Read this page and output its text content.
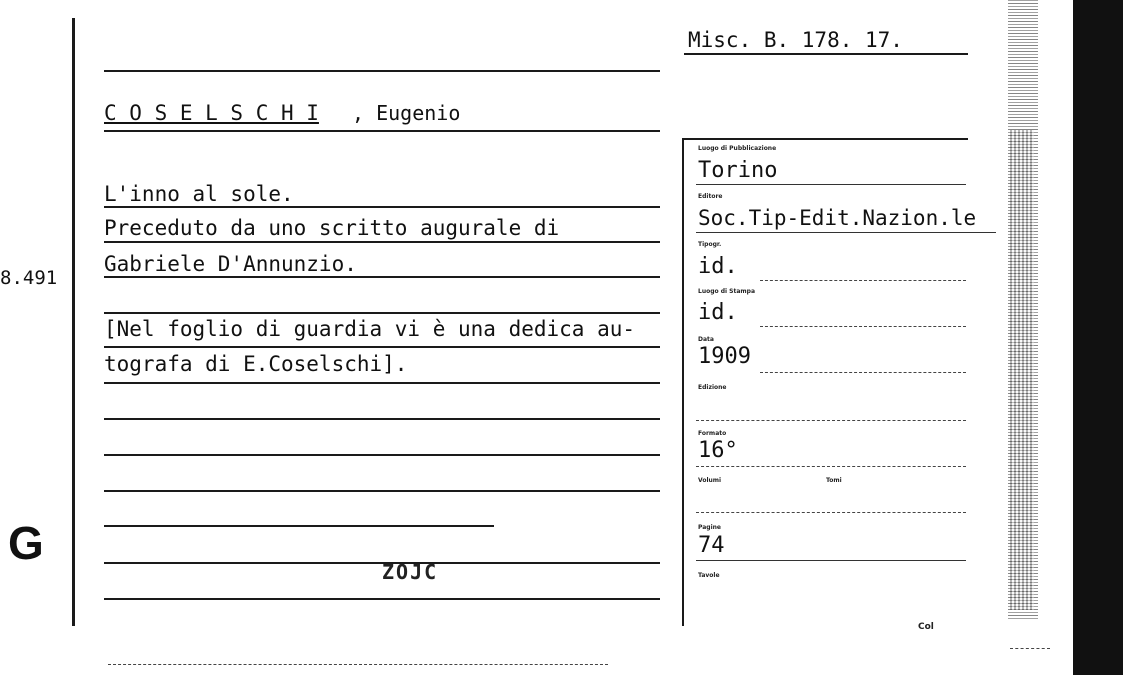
8.491
G
Misc. B. 178. 17.
C O S E L S C H I , Eugenio
L'inno al sole.
Preceduto da uno scritto augurale di
Gabriele D'Annunzio.
[Nel foglio di guardia vi è una dedica au-
tografa di E.Coselschi].
ZOJC
Luogo di Pubblicazione
Torino
Editore
Soc.Tip-Edit.Nazion.le
Tipogr.
id.
Luogo di Stampa
id.
Data
1909
Edizione
Formato
16°
Volumi	Tomi
Pagine
74
Tavole
Col
